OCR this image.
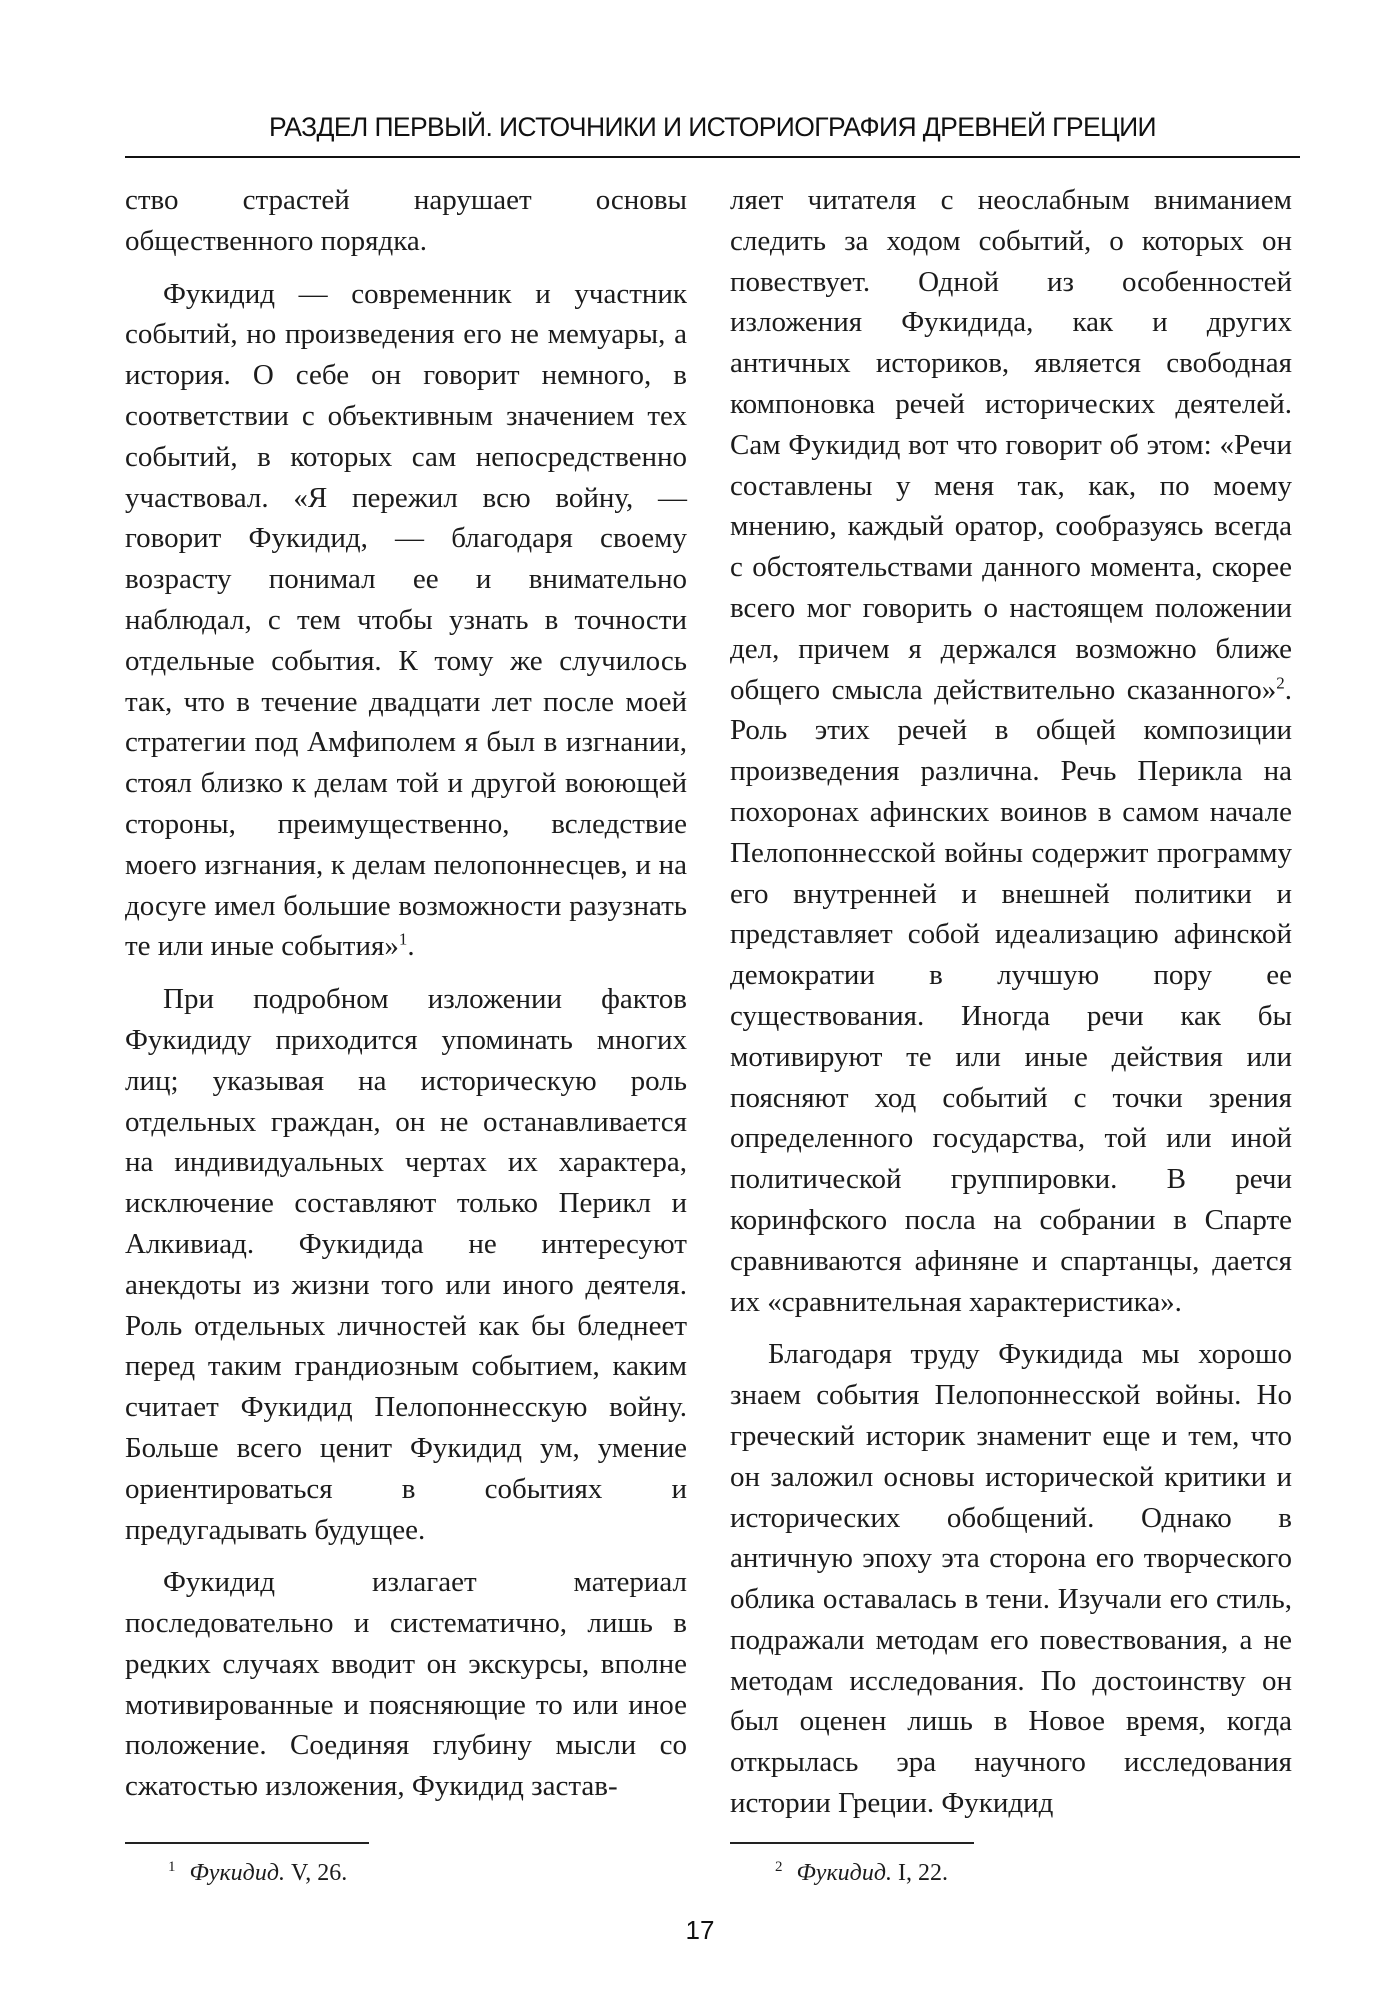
РАЗДЕЛ ПЕРВЫЙ. ИСТОЧНИКИ И ИСТОРИОГРАФИЯ ДРЕВНЕЙ ГРЕЦИИ

ство страстей нарушает основы общественного порядка.

Фукидид — современник и участник событий, но произведения его не мемуары, а история. О себе он говорит немного, в соответствии с объективным значением тех событий, в которых сам непосредственно участвовал. «Я пережил всю войну, — говорит Фукидид, — благодаря своему возрасту понимал ее и внимательно наблюдал, с тем чтобы узнать в точности отдельные события. К тому же случилось так, что в течение двадцати лет после моей стратегии под Амфиполем я был в изгнании, стоял близко к делам той и другой воюющей стороны, преимущественно, вследствие моего изгнания, к делам пелопоннесцев, и на досуге имел большие возможности разузнать те или иные события»$^1$.

При подробном изложении фактов Фукидиду приходится упоминать многих лиц; указывая на историческую роль отдельных граждан, он не останавливается на индивидуальных чертах их характера, исключение составляют только Перикл и Алкивиад. Фукидида не интересуют анекдоты из жизни того или иного деятеля. Роль отдельных личностей как бы бледнеет перед таким грандиозным событием, каким считает Фукидид Пелопоннесскую войну. Больше всего ценит Фукидид ум, умение ориентироваться в событиях и предугадывать будущее.

Фукидид излагает материал последовательно и систематично, лишь в редких случаях вводит он экскурсы, вполне мотивированные и поясняющие то или иное положение. Соединяя глубину мысли со сжатостью изложения, Фукидид застав-

ляет читателя с неослабным вниманием следить за ходом событий, о которых он повествует. Одной из особенностей изложения Фукидида, как и других античных историков, является свободная компоновка речей исторических деятелей. Сам Фукидид вот что говорит об этом: «Речи составлены у меня так, как, по моему мнению, каждый оратор, сообразуясь всегда с обстоятельствами данного момента, скорее всего мог говорить о настоящем положении дел, причем я держался возможно ближе общего смысла действительно сказанного»$^2$. Роль этих речей в общей композиции произведения различна. Речь Перикла на похоронах афинских воинов в самом начале Пелопоннесской войны содержит программу его внутренней и внешней политики и представляет собой идеализацию афинской демократии в лучшую пору ее существования. Иногда речи как бы мотивируют те или иные действия или поясняют ход событий с точки зрения определенного государства, той или иной политической группировки. В речи коринфского посла на собрании в Спарте сравниваются афиняне и спартанцы, дается их «сравнительная характеристика».

Благодаря труду Фукидида мы хорошо знаем события Пелопоннесской войны. Но греческий историк знаменит еще и тем, что он заложил основы исторической критики и исторических обобщений. Однако в античную эпоху эта сторона его творческого облика оставалась в тени. Изучали его стиль, подражали методам его повествования, а не методам исследования. По достоинству он был оценен лишь в Новое время, когда открылась эра научного исследования истории Греции. Фукидид

$^1$ Фукидид. V, 26.	$^2$ Фукидид. I, 22.
17
